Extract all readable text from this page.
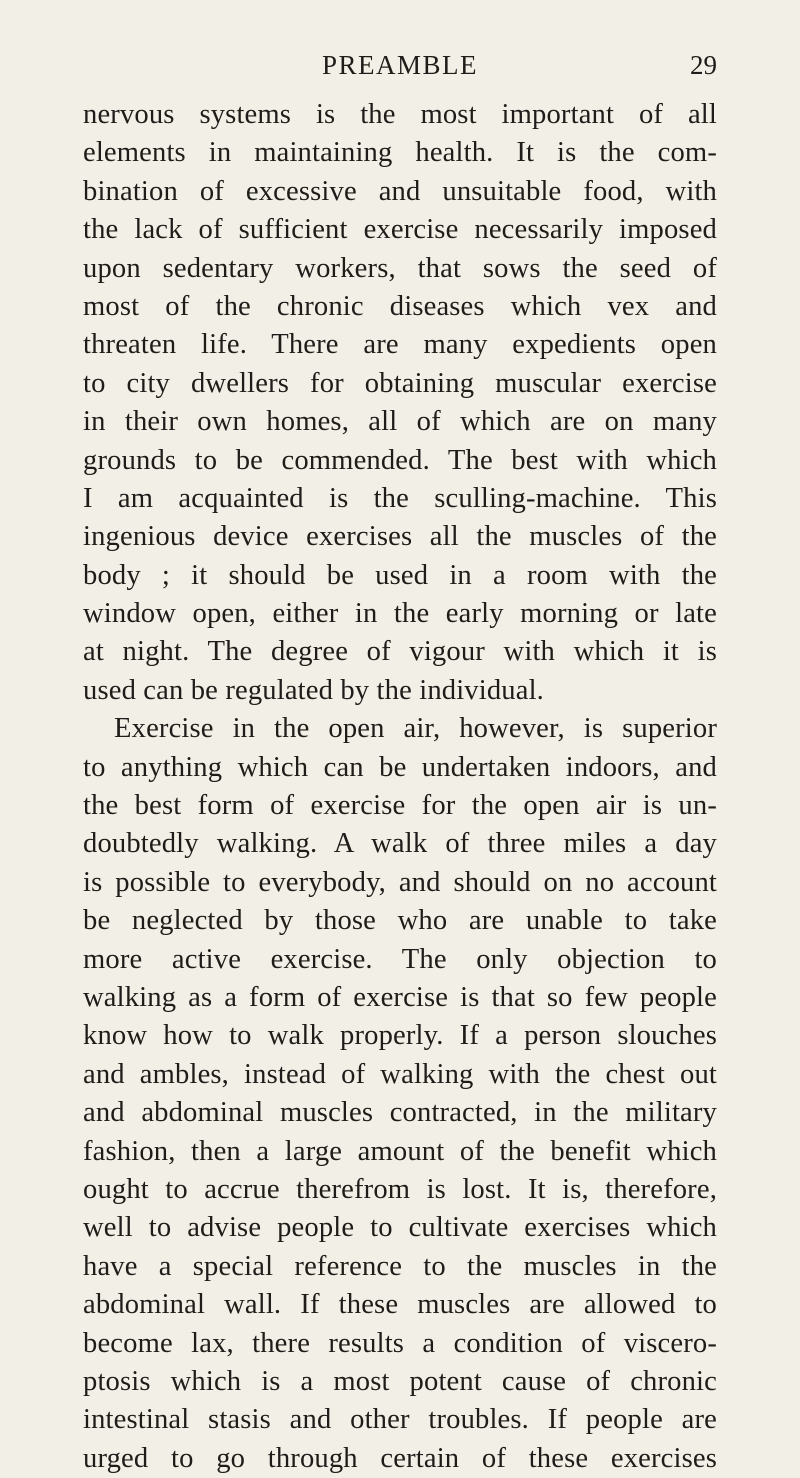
PREAMBLE	29
nervous systems is the most important of all
elements in maintaining health. It is the com-
bination of excessive and unsuitable food, with
the lack of sufficient exercise necessarily imposed
upon sedentary workers, that sows the seed of
most of the chronic diseases which vex and
threaten life. There are many expedients open
to city dwellers for obtaining muscular exercise
in their own homes, all of which are on many
grounds to be commended. The best with which
I am acquainted is the sculling-machine. This
ingenious device exercises all the muscles of the
body ; it should be used in a room with the
window open, either in the early morning or late
at night. The degree of vigour with which it is
used can be regulated by the individual.
Exercise in the open air, however, is superior
to anything which can be undertaken indoors, and
the best form of exercise for the open air is un-
doubtedly walking. A walk of three miles a day
is possible to everybody, and should on no account
be neglected by those who are unable to take
more active exercise. The only objection to
walking as a form of exercise is that so few people
know how to walk properly. If a person slouches
and ambles, instead of walking with the chest out
and abdominal muscles contracted, in the military
fashion, then a large amount of the benefit which
ought to accrue therefrom is lost. It is, therefore,
well to advise people to cultivate exercises which
have a special reference to the muscles in the
abdominal wall. If these muscles are allowed to
become lax, there results a condition of viscero-
ptosis which is a most potent cause of chronic
intestinal stasis and other troubles. If people are
urged to go through certain of these exercises
